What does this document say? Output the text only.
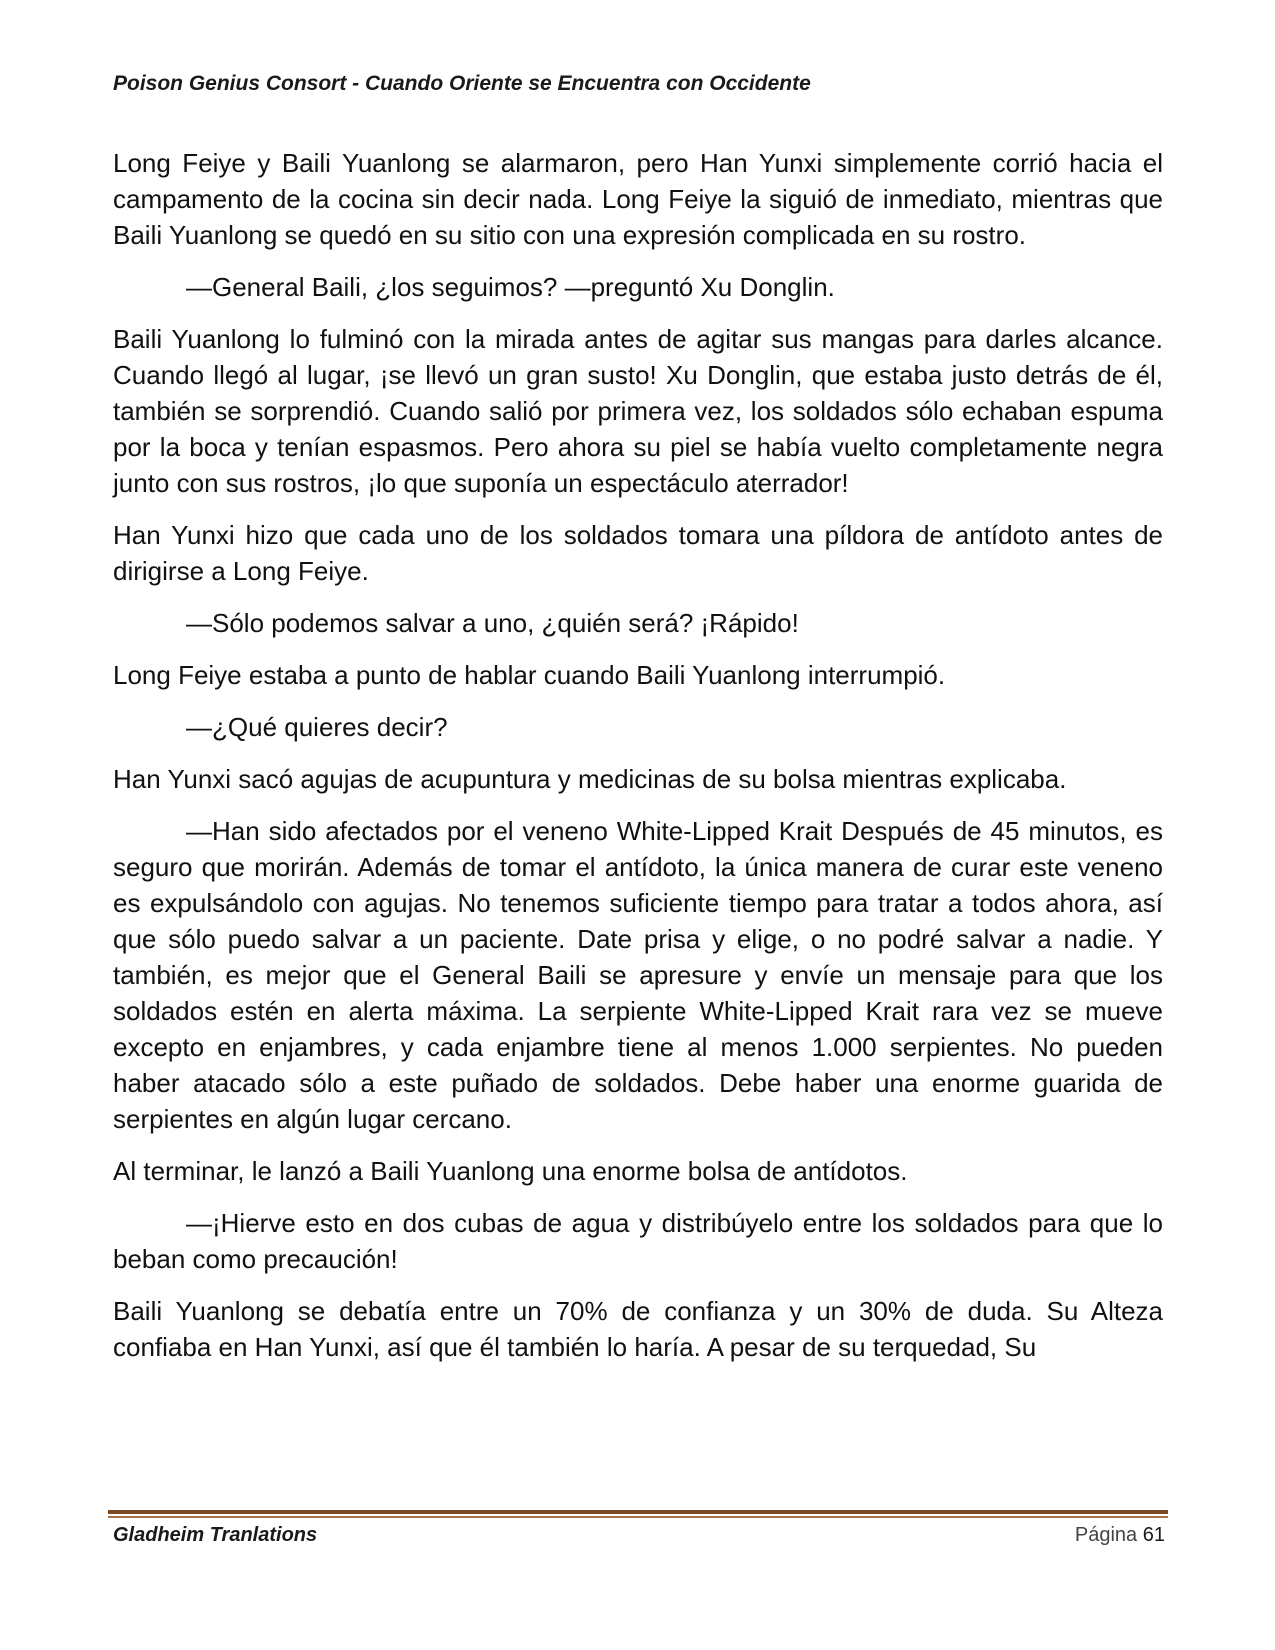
Poison Genius Consort - Cuando Oriente se Encuentra con Occidente

Long Feiye y Baili Yuanlong se alarmaron, pero Han Yunxi simplemente corrió hacia el campamento de la cocina sin decir nada. Long Feiye la siguió de inmediato, mientras que Baili Yuanlong se quedó en su sitio con una expresión complicada en su rostro.

—General Baili, ¿los seguimos? —preguntó Xu Donglin.

Baili Yuanlong lo fulminó con la mirada antes de agitar sus mangas para darles alcance. Cuando llegó al lugar, ¡se llevó un gran susto! Xu Donglin, que estaba justo detrás de él, también se sorprendió. Cuando salió por primera vez, los soldados sólo echaban espuma por la boca y tenían espasmos. Pero ahora su piel se había vuelto completamente negra junto con sus rostros, ¡lo que suponía un espectáculo aterrador!

Han Yunxi hizo que cada uno de los soldados tomara una píldora de antídoto antes de dirigirse a Long Feiye.

—Sólo podemos salvar a uno, ¿quién será? ¡Rápido!

Long Feiye estaba a punto de hablar cuando Baili Yuanlong interrumpió.

—¿Qué quieres decir?

Han Yunxi sacó agujas de acupuntura y medicinas de su bolsa mientras explicaba.

—Han sido afectados por el veneno White-Lipped Krait Después de 45 minutos, es seguro que morirán. Además de tomar el antídoto, la única manera de curar este veneno es expulsándolo con agujas. No tenemos suficiente tiempo para tratar a todos ahora, así que sólo puedo salvar a un paciente. Date prisa y elige, o no podré salvar a nadie. Y también, es mejor que el General Baili se apresure y envíe un mensaje para que los soldados estén en alerta máxima. La serpiente White-Lipped Krait rara vez se mueve excepto en enjambres, y cada enjambre tiene al menos 1.000 serpientes. No pueden haber atacado sólo a este puñado de soldados. Debe haber una enorme guarida de serpientes en algún lugar cercano.

Al terminar, le lanzó a Baili Yuanlong una enorme bolsa de antídotos.

—¡Hierve esto en dos cubas de agua y distribúyelo entre los soldados para que lo beban como precaución!

Baili Yuanlong se debatía entre un 70% de confianza y un 30% de duda. Su Alteza confiaba en Han Yunxi, así que él también lo haría. A pesar de su terquedad, Su

Gladheim Tranlations	Página 61
